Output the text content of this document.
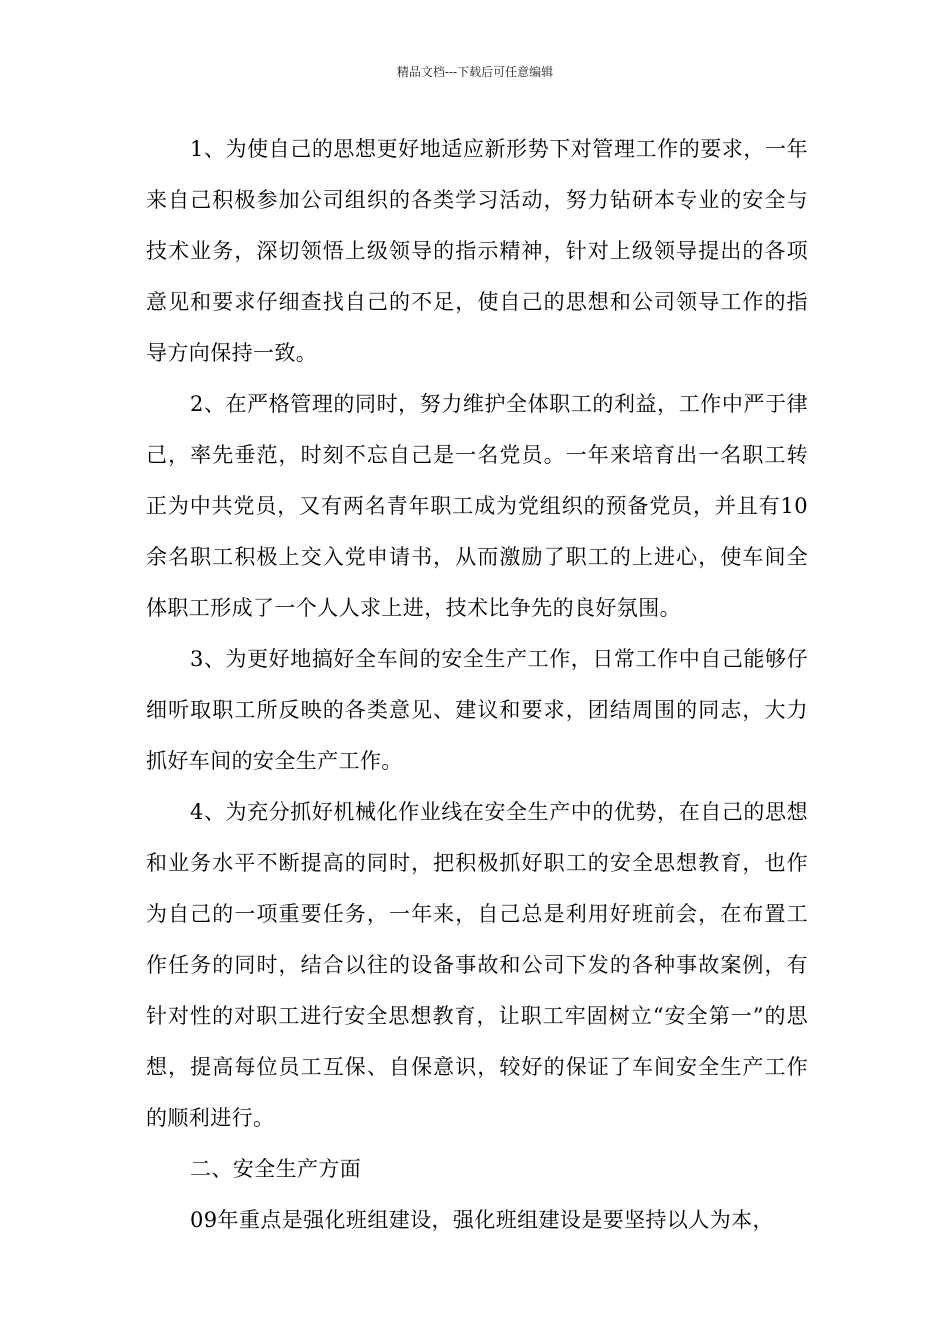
精品文档---下载后可任意编辑

1、为使自己的思想更好地适应新形势下对管理工作的要求，一年来自己积极参加公司组织的各类学习活动，努力钻研本专业的安全与技术业务，深切领悟上级领导的指示精神，针对上级领导提出的各项意见和要求仔细查找自己的不足，使自己的思想和公司领导工作的指导方向保持一致。

2、在严格管理的同时，努力维护全体职工的利益，工作中严于律己，率先垂范，时刻不忘自己是一名党员。一年来培育出一名职工转正为中共党员，又有两名青年职工成为党组织的预备党员，并且有10余名职工积极上交入党申请书，从而激励了职工的上进心，使车间全体职工形成了一个人人求上进，技术比争先的良好氛围。

3、为更好地搞好全车间的安全生产工作，日常工作中自己能够仔细听取职工所反映的各类意见、建议和要求，团结周围的同志，大力抓好车间的安全生产工作。

4、为充分抓好机械化作业线在安全生产中的优势，在自己的思想和业务水平不断提高的同时，把积极抓好职工的安全思想教育，也作为自己的一项重要任务，一年来，自己总是利用好班前会，在布置工作任务的同时，结合以往的设备事故和公司下发的各种事故案例，有针对性的对职工进行安全思想教育，让职工牢固树立“安全第一”的思想，提高每位员工互保、自保意识，较好的保证了车间安全生产工作的顺利进行。

二、安全生产方面

09年重点是强化班组建设，强化班组建设是要坚持以人为本，
